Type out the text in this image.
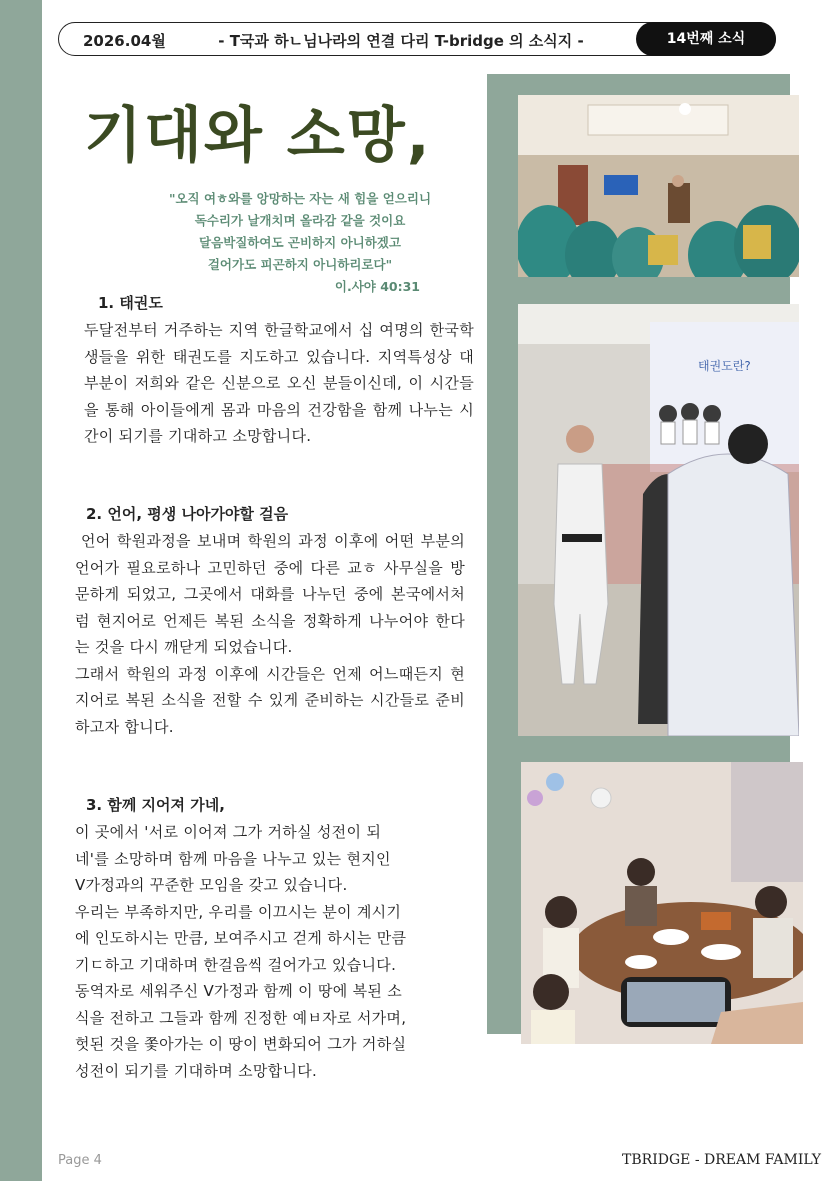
2026.04월	- T국과 하ㄴ님나라의 연결 다리 T-bridge 의 소식지 -	14번째 소식
태권도란?
기대와 소망,
"오직 여ㅎ와를 앙망하는 자는 새 힘을 얻으리니
독수리가 날개치며 올라감 같을 것이요
달음박질하여도 곤비하지 아니하겠고
걸어가도 피곤하지 아니하리로다"

이.사야 40:31
1. 태권도

두달전부터 거주하는 지역 한글학교에서 십 여명의 한국학생들을 위한 태권도를 지도하고 있습니다. 지역특성상 대부분이 저희와 같은 신분으로 오신 분들이신데, 이 시간들을 통해 아이들에게 몸과 마음의 건강함을 함께 나누는 시간이 되기를 기대하고 소망합니다.

2. 언어, 평생 나아가야할 걸음

언어 학원과정을 보내며 학원의 과정 이후에 어떤 부분의 언어가 필요로하나 고민하던 중에 다른 교ㅎ 사무실을 방문하게 되었고, 그곳에서 대화를 나누던 중에 본국에서처럼 현지어로 언제든 복된 소식을 정확하게 나누어야 한다는 것을 다시 깨닫게 되었습니다.

그래서 학원의 과정 이후에 시간들은 언제 어느때든지 현지어로 복된 소식을 전할 수 있게 준비하는 시간들로 준비하고자 합니다.

3. 함께 지어져 가네,
이 곳에서 '서로 이어져 그가 거하실 성전이 되
네'를 소망하며 함께 마음을 나누고 있는 현지인
V가정과의 꾸준한 모임을 갖고 있습니다.
우리는 부족하지만, 우리를 이끄시는 분이 계시기
에 인도하시는 만큼, 보여주시고 걷게 하시는 만큼
기ㄷ하고 기대하며 한걸음씩 걸어가고 있습니다.
동역자로 세워주신 V가정과 함께 이 땅에 복된 소
식을 전하고 그들과 함께 진정한 예ㅂ자로 서가며,
헛된 것을 쫓아가는 이 땅이 변화되어 그가 거하실
성전이 되기를 기대하며 소망합니다.
Page 4	TBRIDGE - DREAM FAMILY
